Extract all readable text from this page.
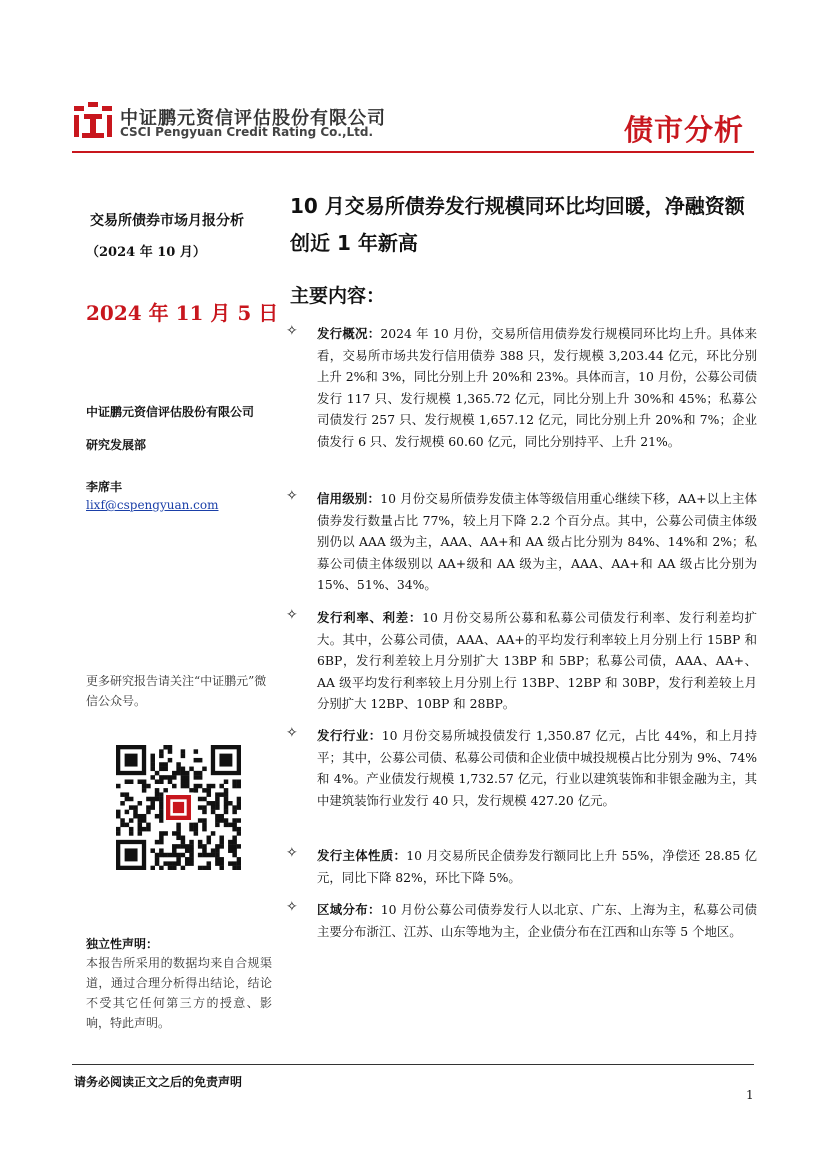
中证鹏元资信评估股份有限公司
CSCI Pengyuan Credit Rating Co.,Ltd.	债市分析
交易所债券市场月报分析
（2024 年 10 月）
2024 年 11 月 5 日
中证鹏元资信评估股份有限公司
研究发展部
李席丰
lixf@cspengyuan.com
更多研究报告请关注“中证鹏元”微信公众号。
独立性声明：
本报告所采用的数据均来自合规渠道，通过合理分析得出结论，结论不受其它任何第三方的授意、影响，特此声明。
10 月交易所债券发行规模同环比均回暖，净融资额创近 1 年新高
主要内容：
✧ 发行概况：2024 年 10 月份，交易所信用债券发行规模同环比均上升。具体来看，交易所市场共发行信用债券 388 只，发行规模 3,203.44 亿元，环比分别上升 2%和 3%，同比分别上升 20%和 23%。具体而言，10 月份，公募公司债发行 117 只、发行规模 1,365.72 亿元，同比分别上升 30%和 45%；私募公司债发行 257 只、发行规模 1,657.12 亿元，同比分别上升 20%和 7%；企业债发行 6 只、发行规模 60.60 亿元，同比分别持平、上升 21%。
✧ 信用级别：10 月份交易所债券发债主体等级信用重心继续下移，AA+以上主体债券发行数量占比 77%，较上月下降 2.2 个百分点。其中，公募公司债主体级别仍以 AAA 级为主，AAA、AA+和 AA 级占比分别为 84%、14%和 2%；私募公司债主体级别以 AA+级和 AA 级为主，AAA、AA+和 AA 级占比分别为 15%、51%、34%。
✧ 发行利率、利差：10 月份交易所公募和私募公司债发行利率、发行利差均扩大。其中，公募公司债，AAA、AA+的平均发行利率较上月分别上行 15BP 和 6BP，发行利差较上月分别扩大 13BP 和 5BP；私募公司债，AAA、AA+、AA 级平均发行利率较上月分别上行 13BP、12BP 和 30BP，发行利差较上月分别扩大 12BP、10BP 和 28BP。
✧ 发行行业：10 月份交易所城投债发行 1,350.87 亿元，占比 44%，和上月持平；其中，公募公司债、私募公司债和企业债中城投规模占比分别为 9%、74%和 4%。产业债发行规模 1,732.57 亿元，行业以建筑装饰和非银金融为主，其中建筑装饰行业发行 40 只，发行规模 427.20 亿元。
✧ 发行主体性质：10 月交易所民企债券发行额同比上升 55%，净偿还 28.85 亿元，同比下降 82%，环比下降 5%。
✧ 区域分布：10 月份公募公司债券发行人以北京、广东、上海为主，私募公司债主要分布浙江、江苏、山东等地为主，企业债分布在江西和山东等 5 个地区。
请务必阅读正文之后的免责声明
1
